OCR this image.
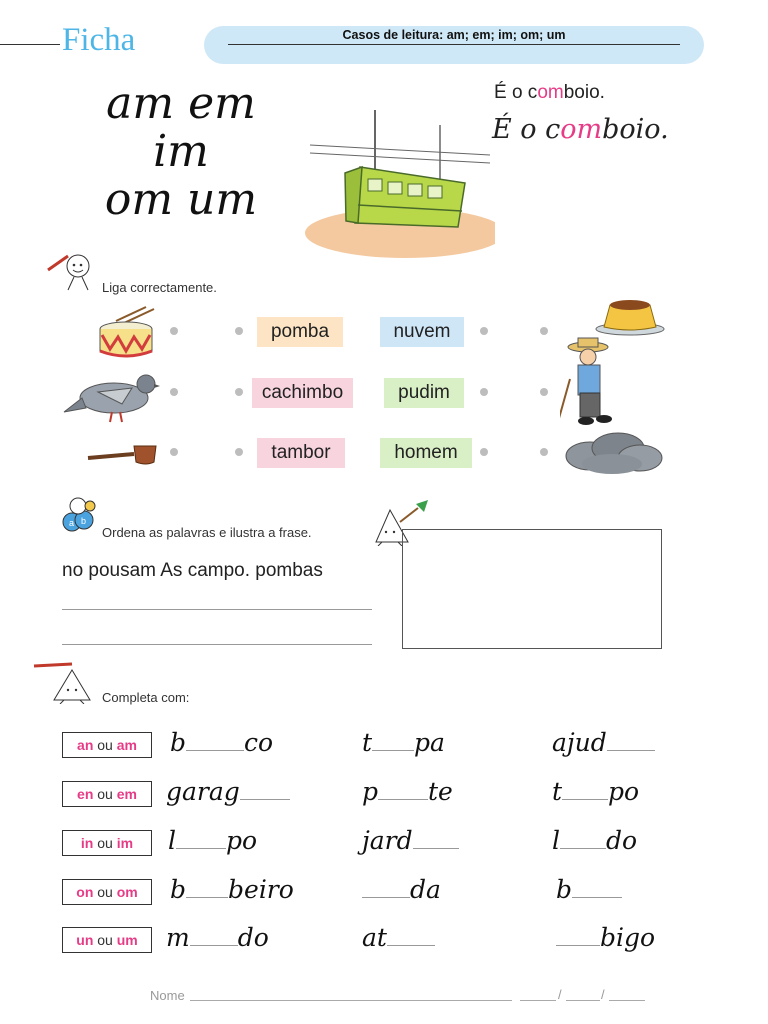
Ficha	Casos de leitura: am; em; im; om; um
am em
im
om um
É o comboio.
É o comboio.
Liga correctamente.
pomba
cachimbo
tambor
nuvem
pudim
homem
a b
Ordena as palavras e ilustra a frase.
no pousam As campo. pombas
Completa com:
an ou am	b co	t pa	ajud
en ou em	garag	p te	t po
in ou im	l po	jard	l do
on ou om	b beiro	da	b
un ou um	m do	at	bigo
Nome	/	/
